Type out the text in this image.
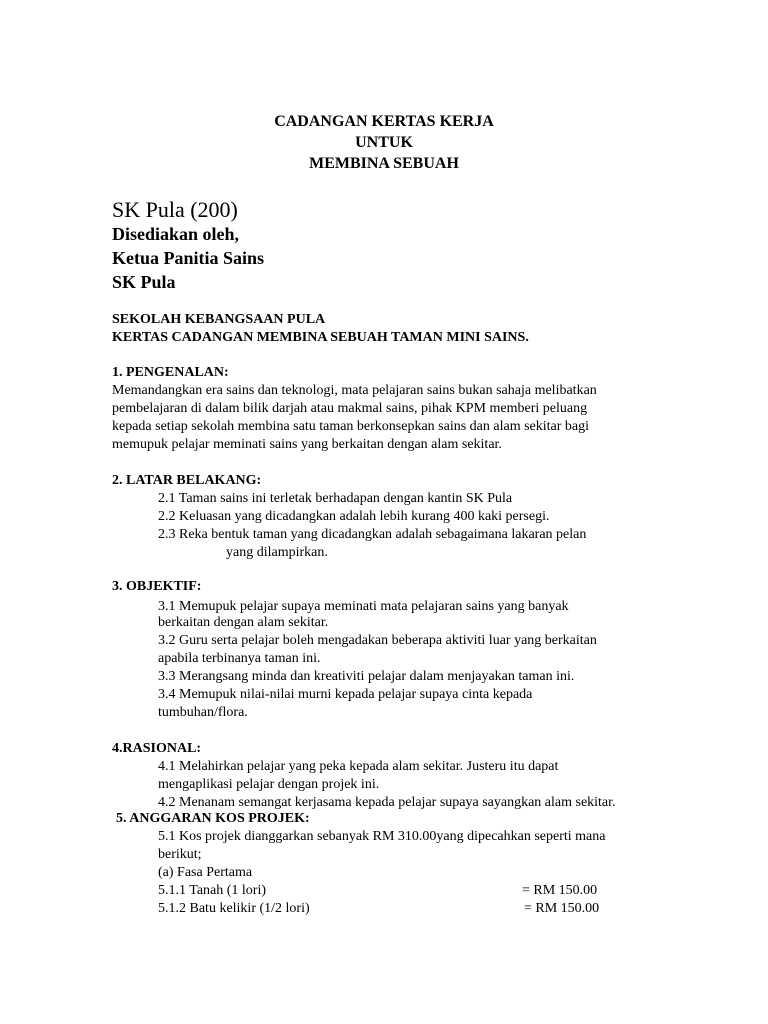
CADANGAN KERTAS KERJA
UNTUK
MEMBINA SEBUAH
SK Pula (200)
Disediakan oleh,
Ketua Panitia Sains
SK Pula
SEKOLAH KEBANGSAAN PULA
KERTAS CADANGAN MEMBINA SEBUAH TAMAN MINI SAINS.
1. PENGENALAN:
Memandangkan era sains dan teknologi, mata pelajaran sains bukan sahaja melibatkan
pembelajaran di dalam bilik darjah atau makmal sains, pihak KPM memberi peluang
kepada setiap sekolah membina satu taman berkonsepkan sains dan alam sekitar bagi
memupuk pelajar meminati sains yang berkaitan dengan alam sekitar.
2. LATAR BELAKANG:
2.1 Taman sains ini terletak berhadapan dengan kantin SK Pula
2.2 Keluasan yang dicadangkan adalah lebih kurang 400 kaki persegi.
2.3 Reka bentuk taman yang dicadangkan adalah sebagaimana lakaran pelan
yang dilampirkan.
3. OBJEKTIF:
3.1 Memupuk pelajar supaya meminati mata pelajaran sains yang banyak
berkaitan dengan alam sekitar.
3.2 Guru serta pelajar boleh mengadakan beberapa aktiviti luar yang berkaitan
apabila terbinanya taman ini.
3.3 Merangsang minda dan kreativiti pelajar dalam menjayakan taman ini.
3.4 Memupuk nilai-nilai murni kepada pelajar supaya cinta kepada
tumbuhan/flora.
4.RASIONAL:
4.1 Melahirkan pelajar yang peka kepada alam sekitar. Justeru itu dapat
mengaplikasi pelajar dengan projek ini.
4.2 Menanam semangat kerjasama kepada pelajar supaya sayangkan alam sekitar.
5. ANGGARAN KOS PROJEK:
5.1 Kos projek dianggarkan sebanyak RM 310.00yang dipecahkan seperti mana
berikut;
(a) Fasa Pertama
5.1.1 Tanah (1 lori)	= RM 150.00
5.1.2 Batu kelikir (1/2 lori)	= RM 150.00
